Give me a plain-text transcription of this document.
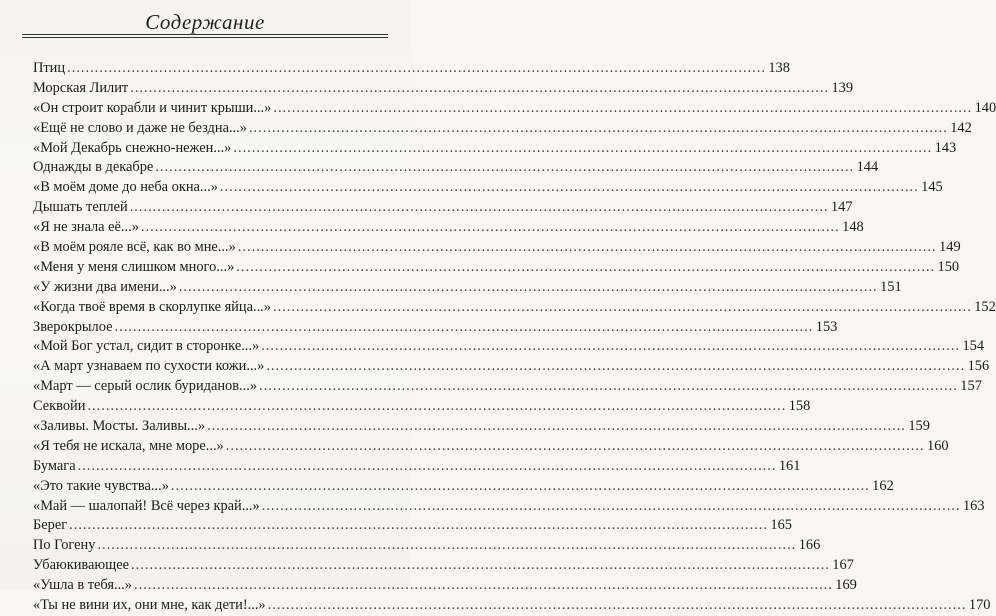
Содержание
Птиц .....	138
Морская Лилит .....	139
«Он строит корабли и чинит крыши...» .....	140
«Ещё не слово и даже не бездна...» .....	142
«Мой Декабрь снежно-нежен...» .....	143
Однажды в декабре .....	144
«В моём доме до неба окна...» .....	145
Дышать теплей .....	147
«Я не знала её...» .....	148
«В моём рояле всё, как во мне...» .....	149
«Меня у меня слишком много...» .....	150
«У жизни два имени...» .....	151
«Когда твоё время в скорлупке яйца...» .....	152
Зверокрылое .....	153
«Мой Бог устал, сидит в сторонке...» .....	154
«А март узнаваем по сухости кожи...» .....	156
«Март — серый ослик буриданов...» .....	157
Секвойи .....	158
«Заливы. Мосты. Заливы...» .....	159
«Я тебя не искала, мне море...» .....	160
Бумага .....	161
«Это такие чувства...» .....	162
«Май — шалопай! Всё через край...» .....	163
Берег .....	165
По Гогену .....	166
Убаюкивающее .....	167
«Ушла в тебя...» .....	169
«Ты не вини их, они мне, как дети!...» .....	170
